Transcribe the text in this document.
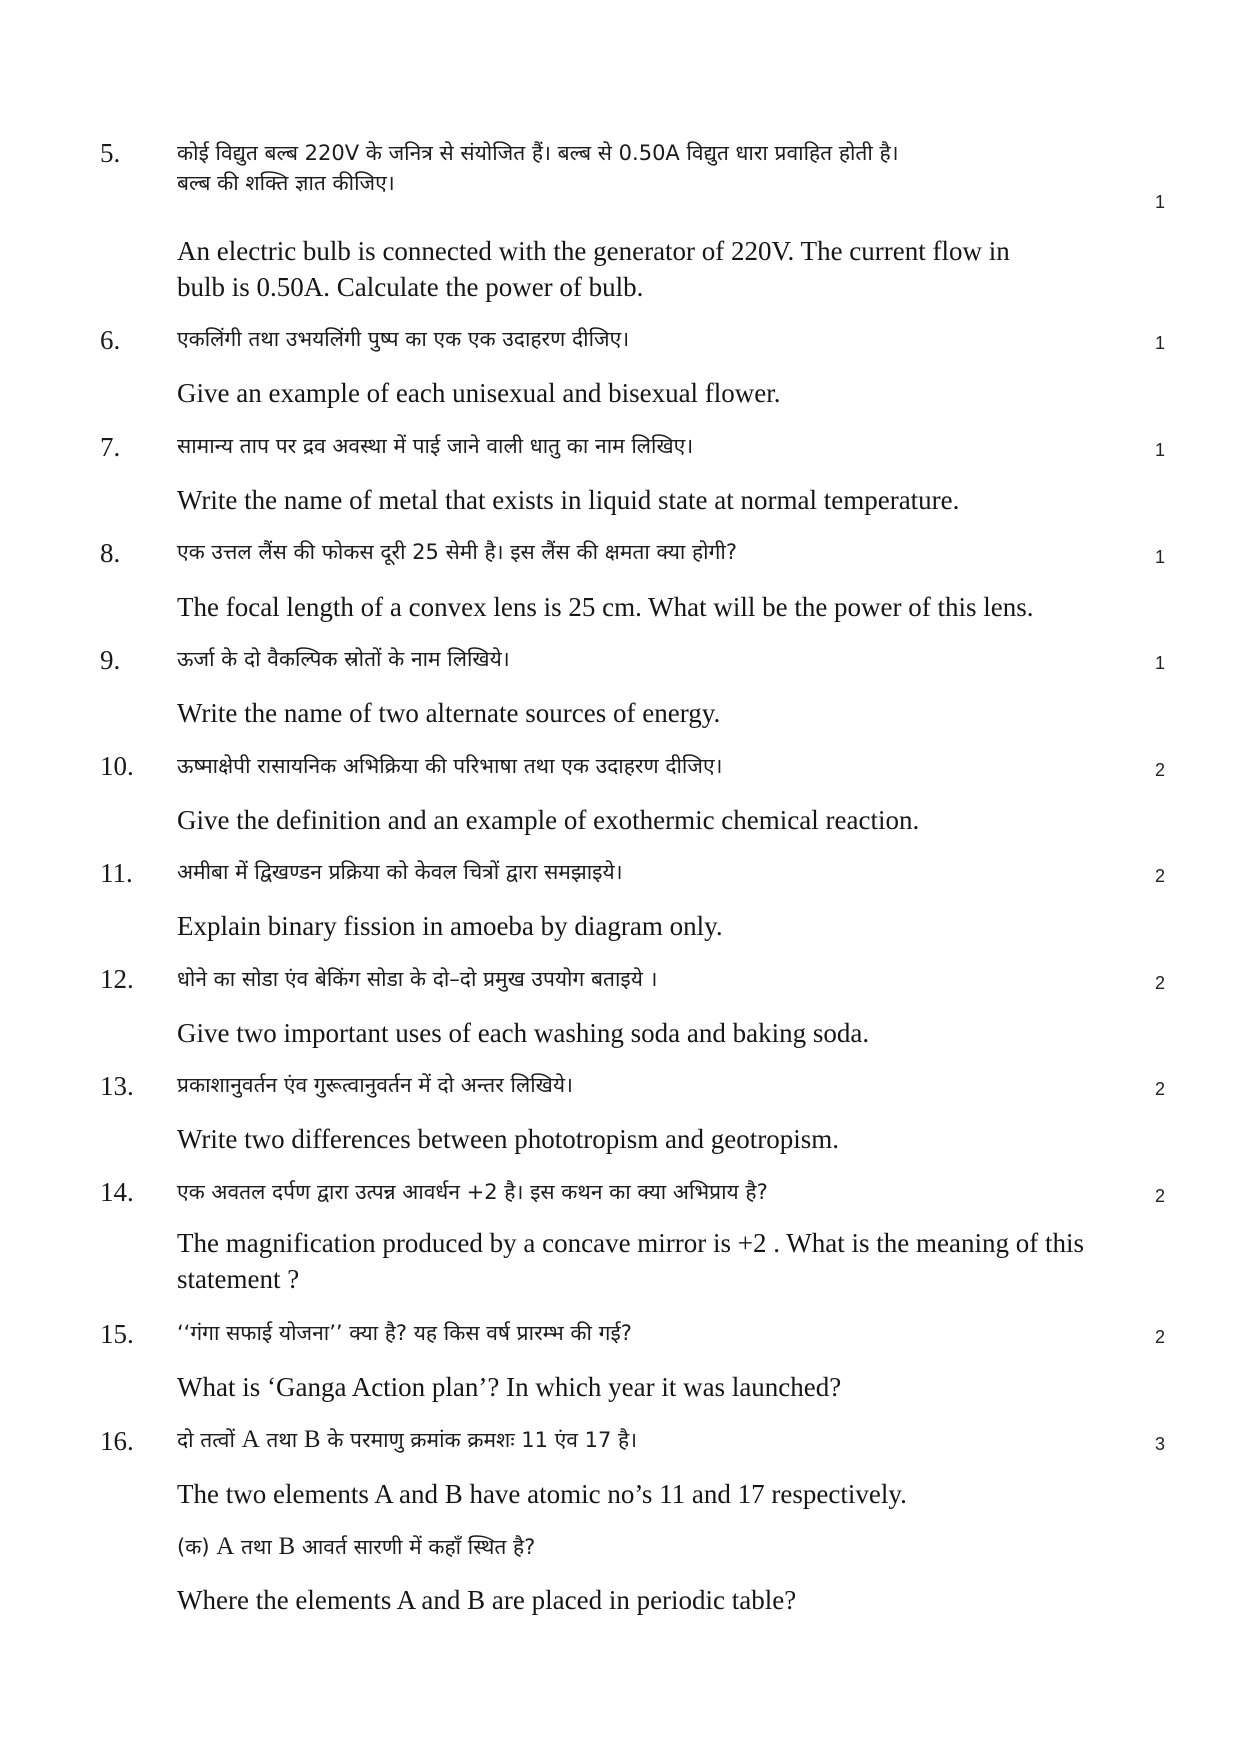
5.	कोई विद्युत बल्ब 220V के जनित्र से संयोजित हैं। बल्ब से 0.50A विद्युत धारा प्रवाहित होती है।
बल्ब की शक्ति ज्ञात कीजिए।
1
An electric bulb is connected with the generator of 220V. The current flow in
bulb is 0.50A. Calculate the power of bulb.
6.	एकलिंगी तथा उभयलिंगी पुष्प का एक एक उदाहरण दीजिए।	1
Give an example of each unisexual and bisexual flower.
7.	सामान्य ताप पर द्रव अवस्था में पाई जाने वाली धातु का नाम लिखिए।	1
Write the name of metal that exists in liquid state at normal temperature.
8.	एक उत्तल लैंस की फोकस दूरी 25 सेमी है। इस लैंस की क्षमता क्या होगी?	1
The focal length of a convex lens is 25 cm. What will be the power of this lens.
9.	ऊर्जा के दो वैकल्पिक स्रोतों के नाम लिखिये।	1
Write the name of two alternate sources of energy.
10. ऊष्माक्षेपी रासायनिक अभिक्रिया की परिभाषा तथा एक उदाहरण दीजिए।	2
Give the definition and an example of exothermic chemical reaction.
11. अमीबा में द्विखण्डन प्रक्रिया को केवल चित्रों द्वारा समझाइये।	2
Explain binary fission in amoeba by diagram only.
12. धोने का सोडा एंव बेकिंग सोडा के दो–दो प्रमुख उपयोग बताइये ।	2
Give two important uses of each washing soda and baking soda.
13. प्रकाशानुवर्तन एंव गुरूत्वानुवर्तन में दो अन्तर लिखिये।	2
Write two differences between phototropism and geotropism.
14. एक अवतल दर्पण द्वारा उत्पन्न आवर्धन +2 है। इस कथन का क्या अभिप्राय है?	2
The magnification produced by a concave mirror is +2 . What is the meaning of this
statement ?
15. ‘‘गंगा सफाई योजना’’ क्या है? यह किस वर्ष प्रारम्भ की गई?	2
What is ‘Ganga Action plan’? In which year it was launched?
16. दो तत्वों A तथा B के परमाणु क्रमांक क्रमशः 11 एंव 17 है।	3
The two elements A and B have atomic no’s 11 and 17 respectively.
(क) A तथा B आवर्त सारणी में कहाँ स्थित है?
Where the elements A and B are placed in periodic table?
